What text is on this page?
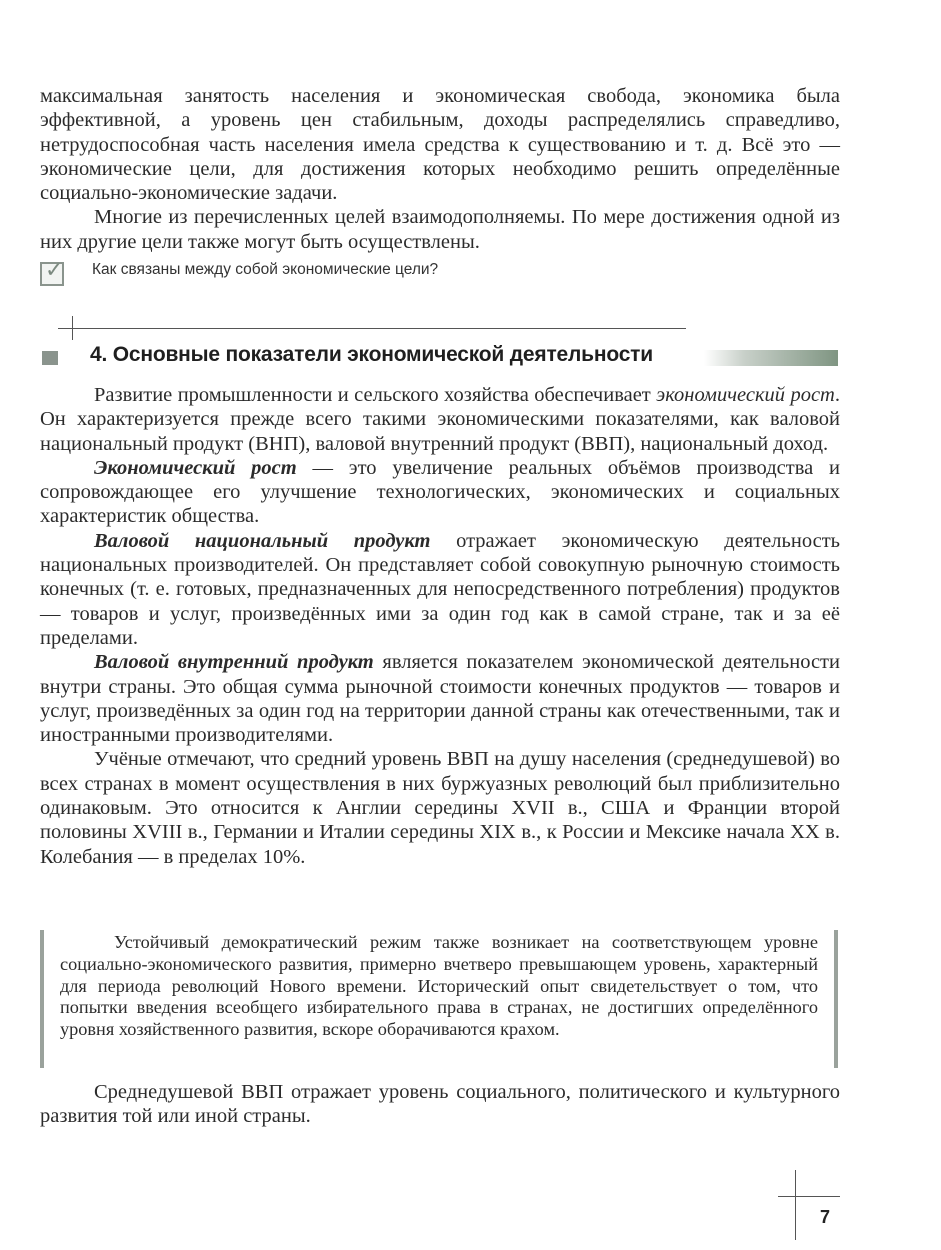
максимальная занятость населения и экономическая свобода, экономика была эффективной, а уровень цен стабильным, доходы распределялись справедливо, нетрудоспособная часть населения имела средства к существованию и т. д. Всё это — экономические цели, для достижения которых необходимо решить определённые социально-экономические задачи.

Многие из перечисленных целей взаимодополняемы. По мере достижения одной из них другие цели также могут быть осуществлены.

✓ Как связаны между собой экономические цели?
4. Основные показатели экономической деятельности

Развитие промышленности и сельского хозяйства обеспечивает экономический рост. Он характеризуется прежде всего такими экономическими показателями, как валовой национальный продукт (ВНП), валовой внутренний продукт (ВВП), национальный доход.

Экономический рост — это увеличение реальных объёмов производства и сопровождающее его улучшение технологических, экономических и социальных характеристик общества.

Валовой национальный продукт отражает экономическую деятельность национальных производителей. Он представляет собой совокупную рыночную стоимость конечных (т. е. готовых, предназначенных для непосредственного потребления) продуктов — товаров и услуг, произведённых ими за один год как в самой стране, так и за её пределами.

Валовой внутренний продукт является показателем экономической деятельности внутри страны. Это общая сумма рыночной стоимости конечных продуктов — товаров и услуг, произведённых за один год на территории данной страны как отечественными, так и иностранными производителями.

Учёные отмечают, что средний уровень ВВП на душу населения (среднедушевой) во всех странах в момент осуществления в них буржуазных революций был приблизительно одинаковым. Это относится к Англии середины XVII в., США и Франции второй половины XVIII в., Германии и Италии середины XIX в., к России и Мексике начала XX в. Колебания — в пределах 10%.

Устойчивый демократический режим также возникает на соответствующем уровне социально-экономического развития, примерно вчетверо превышающем уровень, характерный для периода революций Нового времени. Исторический опыт свидетельствует о том, что попытки введения всеобщего избирательного права в странах, не достигших определённого уровня хозяйственного развития, вскоре оборачиваются крахом.

Среднедушевой ВВП отражает уровень социального, политического и культурного развития той или иной страны.

7
